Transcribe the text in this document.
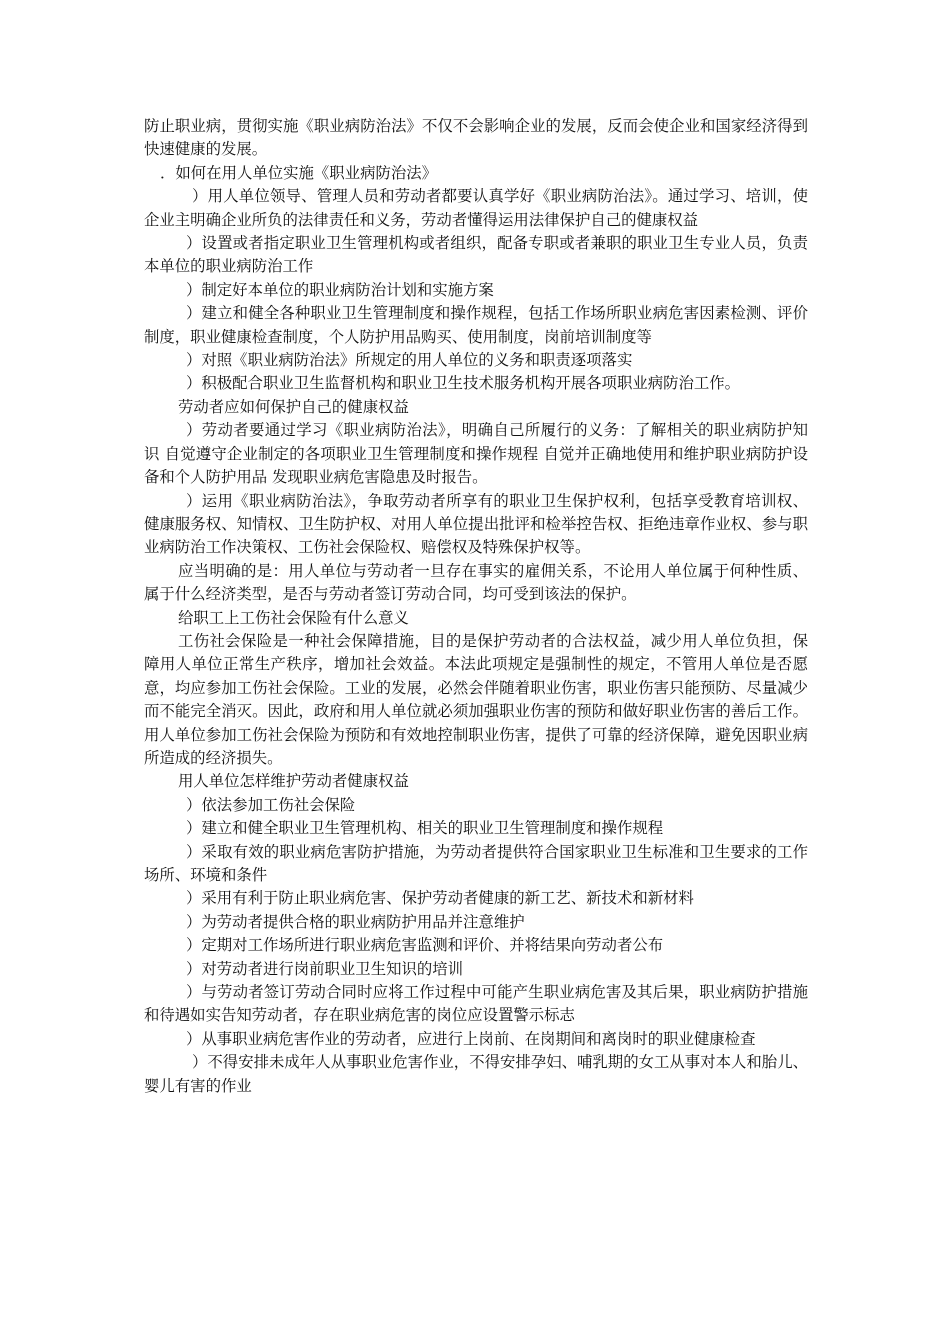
防止职业病，贯彻实施《职业病防治法》不仅不会影响企业的发展，反而会使企业和国家经济得到快速健康的发展。

．如何在用人单位实施《职业病防治法》

）用人单位领导、管理人员和劳动者都要认真学好《职业病防治法》。通过学习、培训，使企业主明确企业所负的法律责任和义务，劳动者懂得运用法律保护自己的健康权益

）设置或者指定职业卫生管理机构或者组织，配备专职或者兼职的职业卫生专业人员，负责本单位的职业病防治工作

）制定好本单位的职业病防治计划和实施方案

）建立和健全各种职业卫生管理制度和操作规程，包括工作场所职业病危害因素检测、评价制度，职业健康检查制度，个人防护用品购买、使用制度，岗前培训制度等

）对照《职业病防治法》所规定的用人单位的义务和职责逐项落实

）积极配合职业卫生监督机构和职业卫生技术服务机构开展各项职业病防治工作。

劳动者应如何保护自己的健康权益

）劳动者要通过学习《职业病防治法》，明确自己所履行的义务：了解相关的职业病防护知识 自觉遵守企业制定的各项职业卫生管理制度和操作规程 自觉并正确地使用和维护职业病防护设备和个人防护用品 发现职业病危害隐患及时报告。

）运用《职业病防治法》，争取劳动者所享有的职业卫生保护权利，包括享受教育培训权、健康服务权、知情权、卫生防护权、对用人单位提出批评和检举控告权、拒绝违章作业权、参与职业病防治工作决策权、工伤社会保险权、赔偿权及特殊保护权等。

应当明确的是：用人单位与劳动者一旦存在事实的雇佣关系，不论用人单位属于何种性质、属于什么经济类型，是否与劳动者签订劳动合同，均可受到该法的保护。

给职工上工伤社会保险有什么意义

工伤社会保险是一种社会保障措施，目的是保护劳动者的合法权益，减少用人单位负担，保障用人单位正常生产秩序，增加社会效益。本法此项规定是强制性的规定，不管用人单位是否愿意，均应参加工伤社会保险。工业的发展，必然会伴随着职业伤害，职业伤害只能预防、尽量减少而不能完全消灭。因此，政府和用人单位就必须加强职业伤害的预防和做好职业伤害的善后工作。用人单位参加工伤社会保险为预防和有效地控制职业伤害，提供了可靠的经济保障，避免因职业病所造成的经济损失。

用人单位怎样维护劳动者健康权益

）依法参加工伤社会保险

）建立和健全职业卫生管理机构、相关的职业卫生管理制度和操作规程

）采取有效的职业病危害防护措施，为劳动者提供符合国家职业卫生标准和卫生要求的工作场所、环境和条件

）采用有利于防止职业病危害、保护劳动者健康的新工艺、新技术和新材料

）为劳动者提供合格的职业病防护用品并注意维护

）定期对工作场所进行职业病危害监测和评价、并将结果向劳动者公布

）对劳动者进行岗前职业卫生知识的培训

）与劳动者签订劳动合同时应将工作过程中可能产生职业病危害及其后果，职业病防护措施和待遇如实告知劳动者，存在职业病危害的岗位应设置警示标志

）从事职业病危害作业的劳动者，应进行上岗前、在岗期间和离岗时的职业健康检查

）不得安排未成年人从事职业危害作业，不得安排孕妇、哺乳期的女工从事对本人和胎儿、婴儿有害的作业
